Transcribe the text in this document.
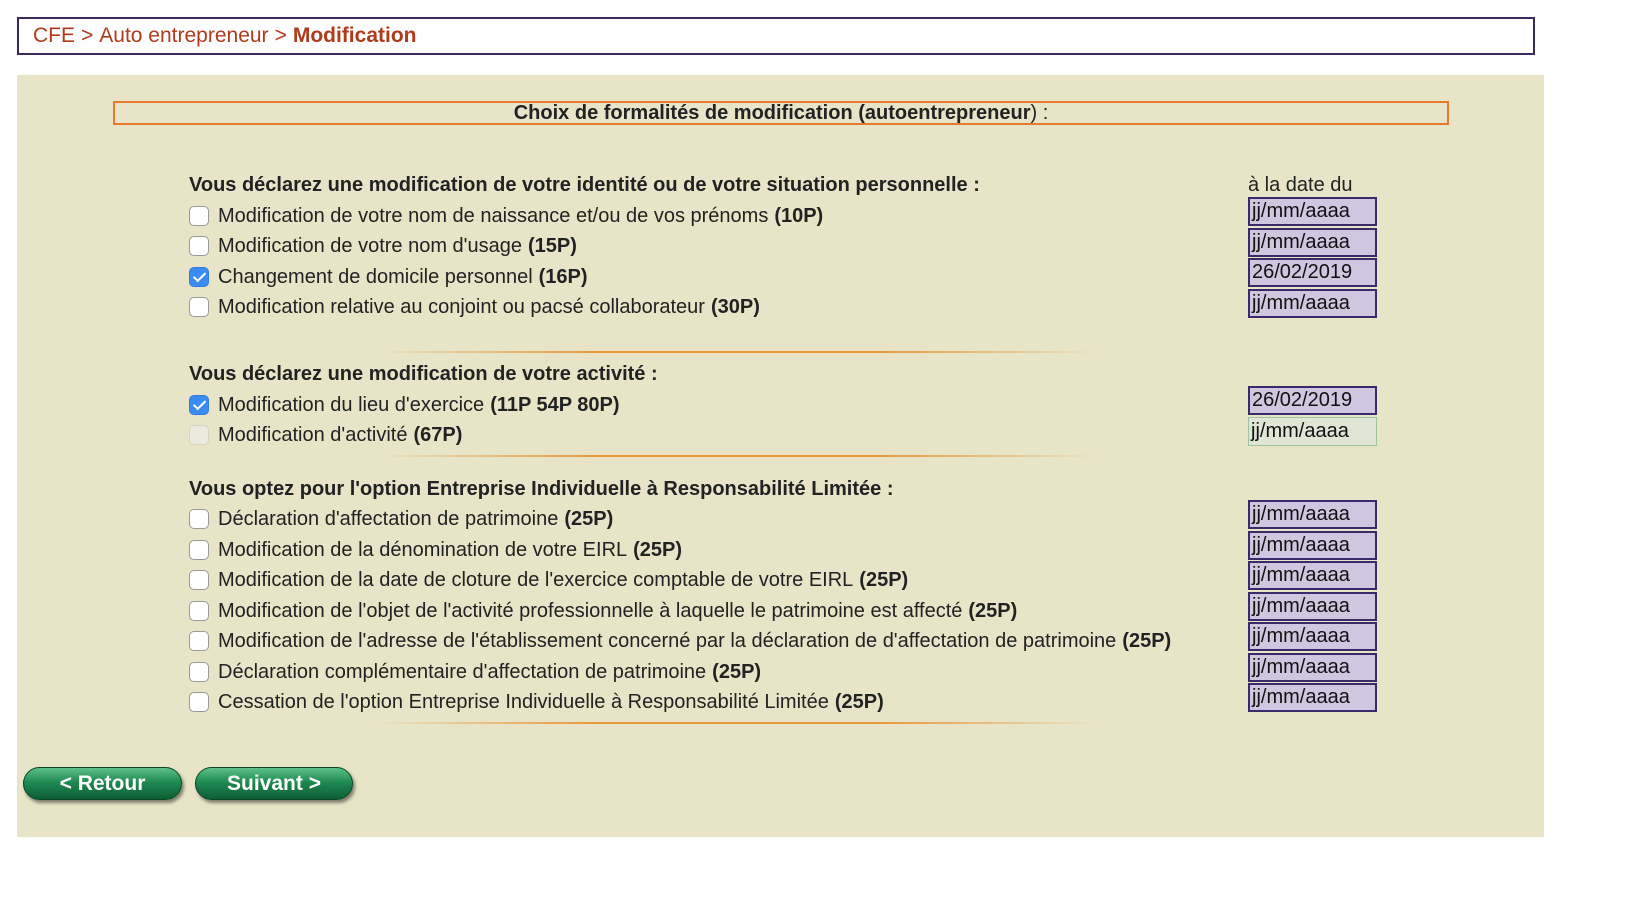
CFE > Auto entrepreneur > Modification
Choix de formalités de modification (autoentrepreneur ) :
Vous déclarez une modification de votre identité ou de votre situation personnelle :	à la date du
Modification de votre nom de naissance et/ou de vos prénoms (10P)	jj/mm/aaaa
Modification de votre nom d'usage (15P)	jj/mm/aaaa
Changement de domicile personnel (16P)	26/02/2019
Modification relative au conjoint ou pacsé collaborateur (30P)	jj/mm/aaaa
Vous déclarez une modification de votre activité :
Modification du lieu d'exercice (11P 54P 80P)	26/02/2019
Modification d'activité (67P)	jj/mm/aaaa
Vous optez pour l'option Entreprise Individuelle à Responsabilité Limitée :
Déclaration d'affectation de patrimoine (25P)	jj/mm/aaaa
Modification de la dénomination de votre EIRL (25P)	jj/mm/aaaa
Modification de la date de cloture de l'exercice comptable de votre EIRL (25P)	jj/mm/aaaa
Modification de l'objet de l'activité professionnelle à laquelle le patrimoine est affecté (25P)	jj/mm/aaaa
Modification de l'adresse de l'établissement concerné par la déclaration de d'affectation de patrimoine (25P)	jj/mm/aaaa
Déclaration complémentaire d'affectation de patrimoine (25P)	jj/mm/aaaa
Cessation de l'option Entreprise Individuelle à Responsabilité Limitée (25P)	jj/mm/aaaa
< Retour	Suivant >
